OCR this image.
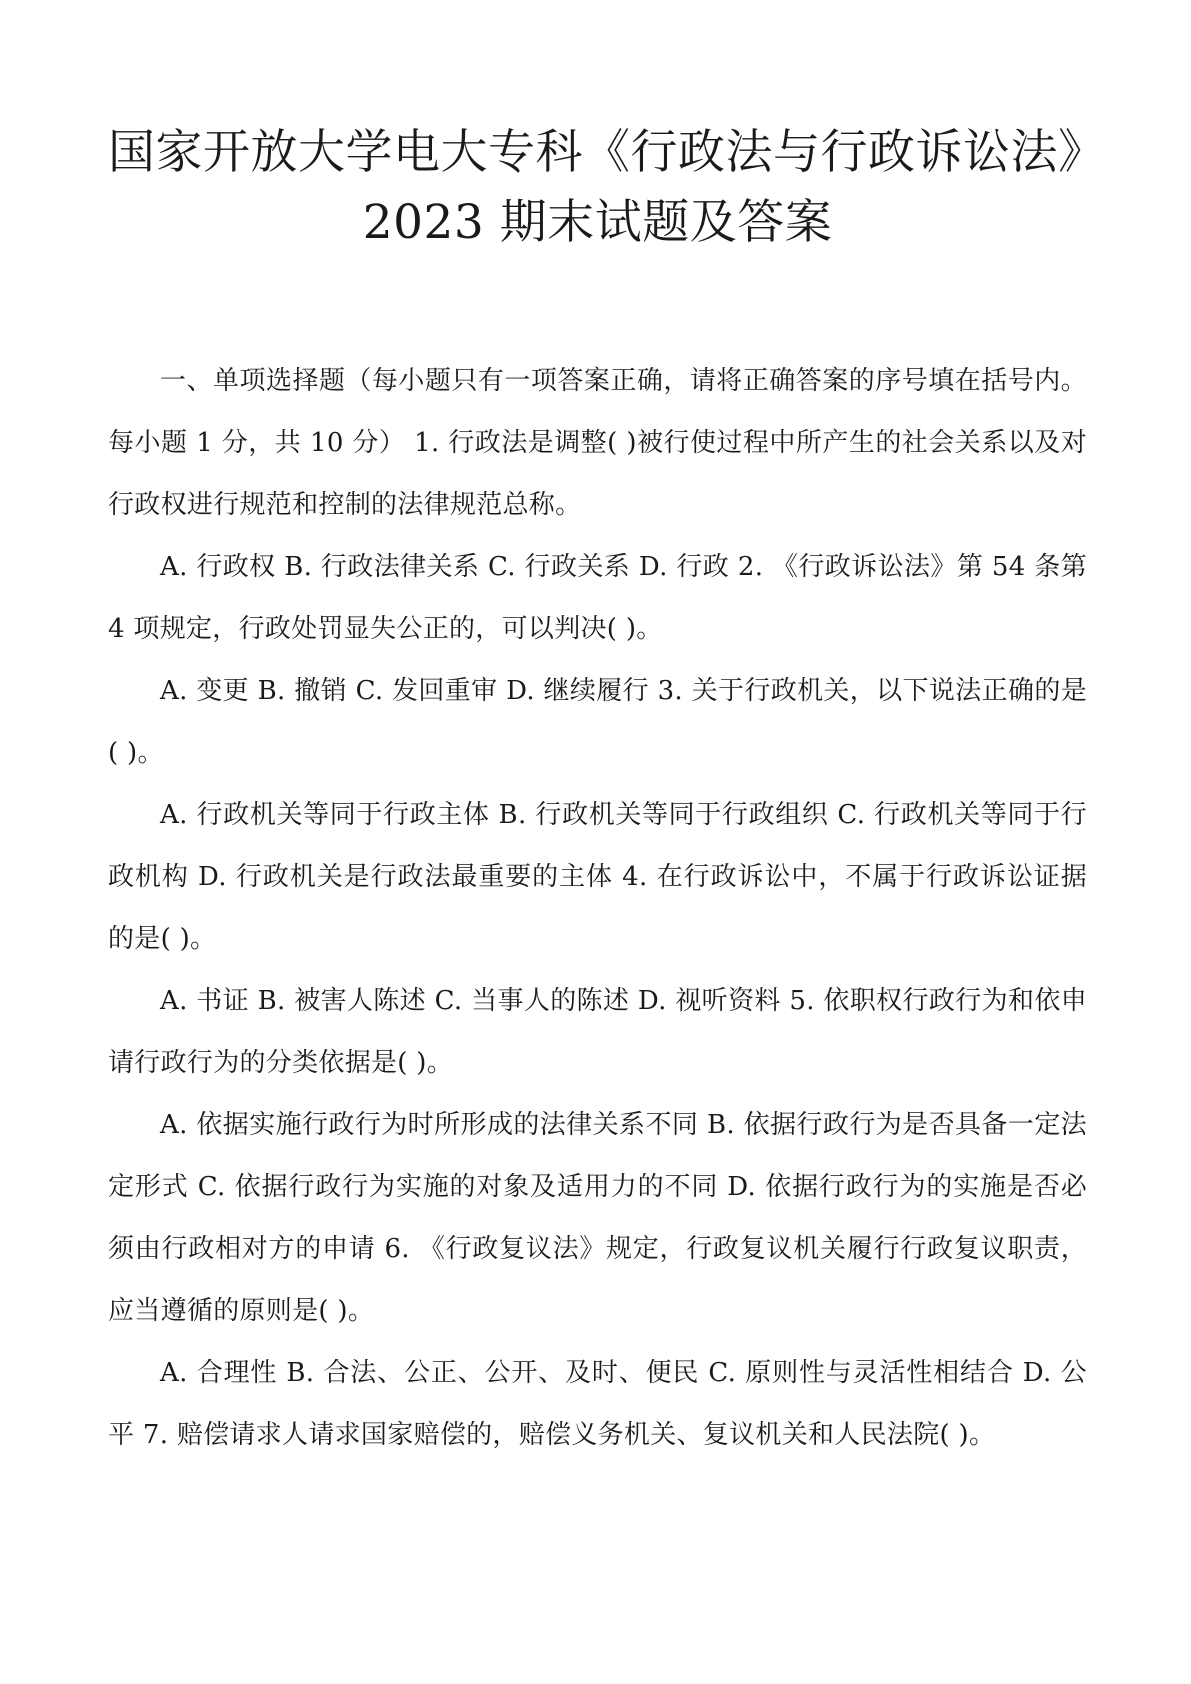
国家开放大学电大专科《行政法与行政诉讼法》
2023 期末试题及答案

一、单项选择题（每小题只有一项答案正确，请将正确答案的序号填在括号内。每小题 1 分，共 10 分） 1. 行政法是调整( )被行使过程中所产生的社会关系以及对行政权进行规范和控制的法律规范总称。

A. 行政权 B. 行政法律关系 C. 行政关系 D. 行政 2. 《行政诉讼法》第 54 条第 4 项规定，行政处罚显失公正的，可以判决( )。

A. 变更 B. 撤销 C. 发回重审 D. 继续履行 3. 关于行政机关，以下说法正确的是( )。

A. 行政机关等同于行政主体 B. 行政机关等同于行政组织 C. 行政机关等同于行政机构 D. 行政机关是行政法最重要的主体 4. 在行政诉讼中，不属于行政诉讼证据的是( )。

A. 书证 B. 被害人陈述 C. 当事人的陈述 D. 视听资料 5. 依职权行政行为和依申请行政行为的分类依据是( )。

A. 依据实施行政行为时所形成的法律关系不同 B. 依据行政行为是否具备一定法定形式 C. 依据行政行为实施的对象及适用力的不同 D. 依据行政行为的实施是否必须由行政相对方的申请 6. 《行政复议法》规定，行政复议机关履行行政复议职责，应当遵循的原则是( )。

A. 合理性 B. 合法、公正、公开、及时、便民 C. 原则性与灵活性相结合 D. 公平 7. 赔偿请求人请求国家赔偿的，赔偿义务机关、复议机关和人民法院( )。
